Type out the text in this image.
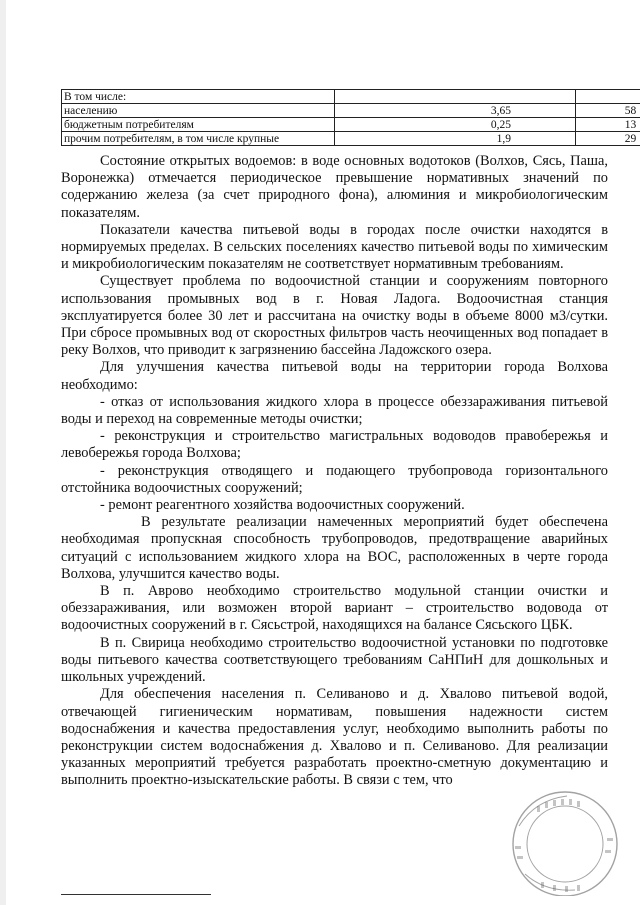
В том числе:		
населению	3,65	58
бюджетным потребителям	0,25	13
прочим потребителям, в том числе крупные	1,9	29

Состояние открытых водоемов: в воде основных водотоков (Волхов, Сясь, Паша, Воронежка) отмечается периодическое превышение нормативных значений по содержанию железа (за счет природного фона), алюминия и микробиологическим показателям.

Показатели качества питьевой воды в городах после очистки находятся в нормируемых пределах. В сельских поселениях качество питьевой воды по химическим и микробиологическим показателям не соответствует нормативным требованиям.

Существует проблема по водоочистной станции и сооружениям повторного использования промывных вод в г. Новая Ладога. Водоочистная станция эксплуатируется более 30 лет и рассчитана на очистку воды в объеме 8000 м3/сутки. При сбросе промывных вод от скоростных фильтров часть неочищенных вод попадает в реку Волхов, что приводит к загрязнению бассейна Ладожского озера.

Для улучшения качества питьевой воды на территории города Волхова необходимо:

- отказ от использования жидкого хлора в процессе обеззараживания питьевой воды и переход на современные методы очистки;

- реконструкция и строительство магистральных водоводов правобережья и левобережья города Волхова;

- реконструкция отводящего и подающего трубопровода горизонтального отстойника водоочистных сооружений;

- ремонт реагентного хозяйства водоочистных сооружений.

В результате реализации намеченных мероприятий будет обеспечена необходимая пропускная способность трубопроводов, предотвращение аварийных ситуаций с использованием жидкого хлора на ВОС, расположенных в черте города Волхова, улучшится качество воды.

В п. Аврово необходимо строительство модульной станции очистки и обеззараживания, или возможен второй вариант – строительство водовода от водоочистных сооружений в г. Сясьстрой, находящихся на балансе Сясьского ЦБК.

В п. Свирица необходимо строительство водоочистной установки по подготовке воды питьевого качества соответствующего требованиям СаНПиН для дошкольных и школьных учреждений.

Для обеспечения населения п. Селиваново и д. Хвалово питьевой водой, отвечающей гигиеническим нормативам, повышения надежности систем водоснабжения и качества предоставления услуг, необходимо выполнить работы по реконструкции систем водоснабжения д. Хвалово и п. Селиваново. Для реализации указанных мероприятий требуется разработать проектно-сметную документацию и выполнить проектно-изыскательские работы. В связи с тем, что
